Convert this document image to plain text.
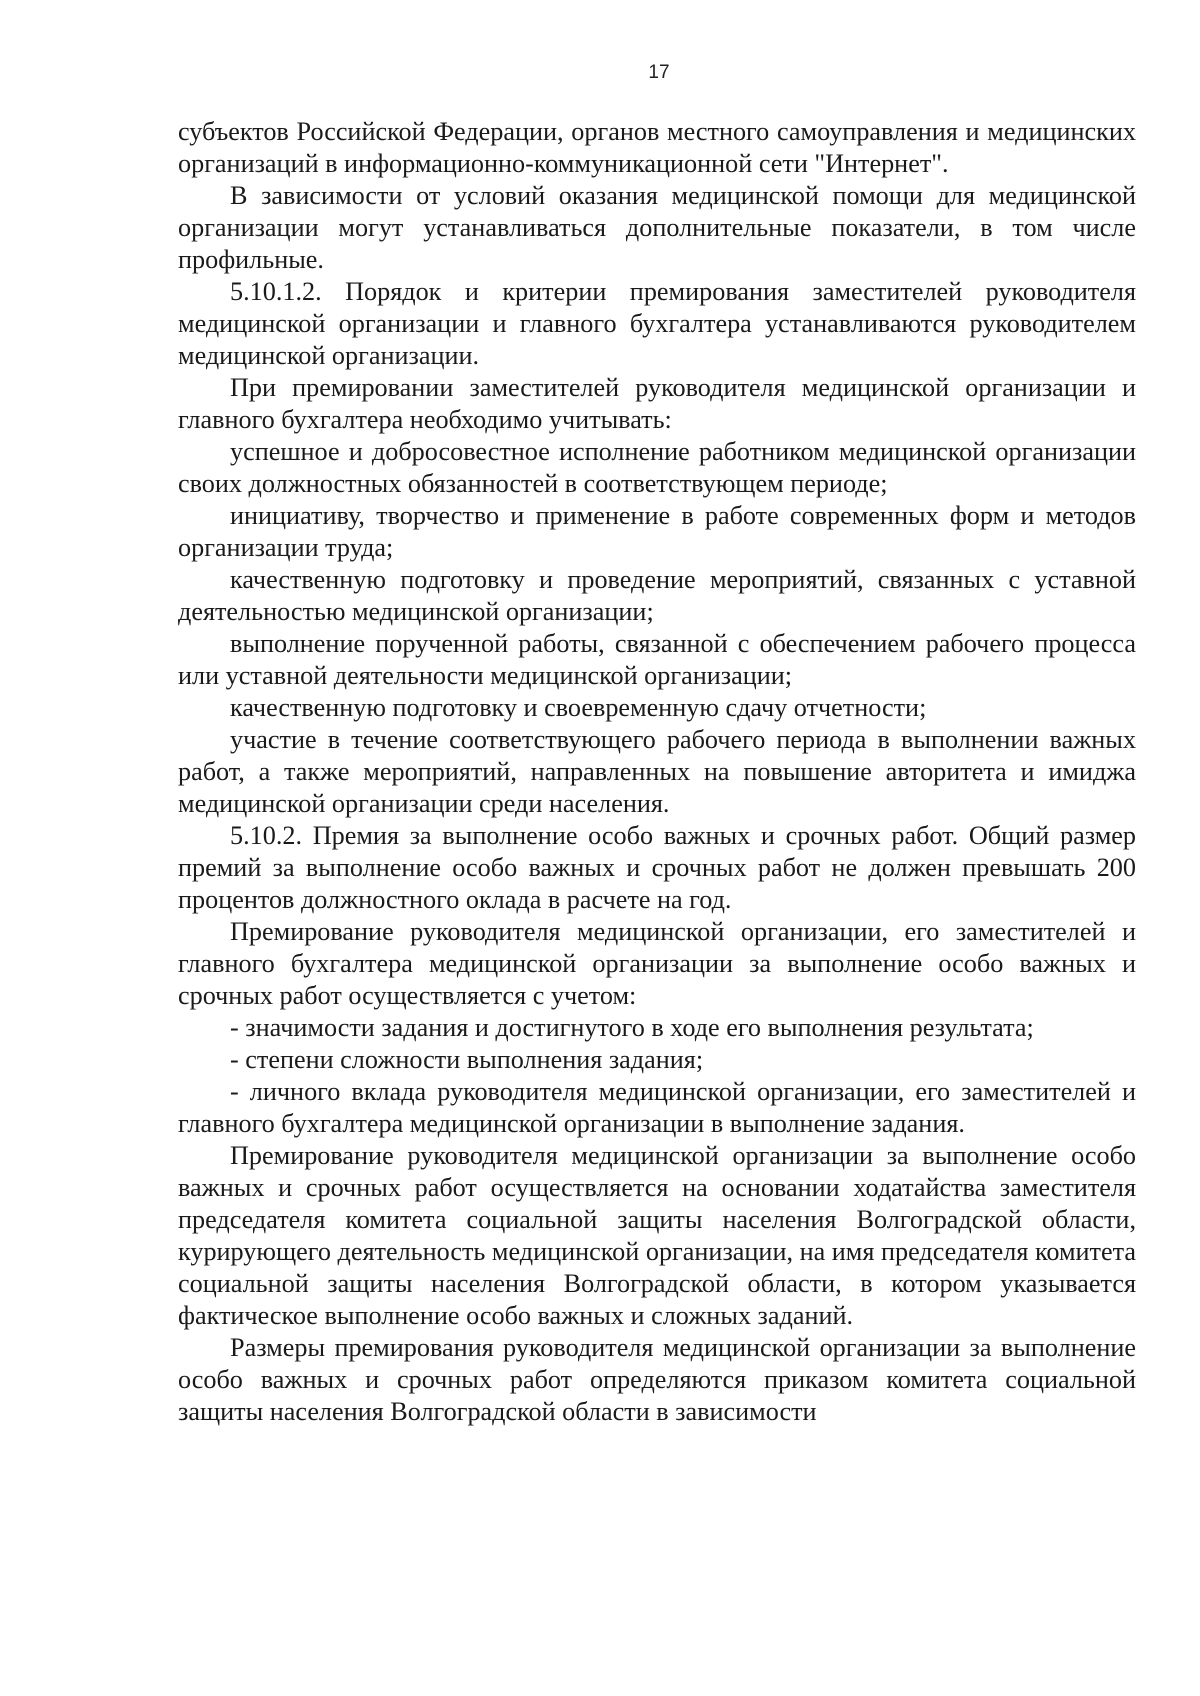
17

субъектов Российской Федерации, органов местного самоуправления и медицинских организаций в информационно-коммуникационной сети "Интернет".

В зависимости от условий оказания медицинской помощи для медицинской организации могут устанавливаться дополнительные показатели, в том числе профильные.

5.10.1.2. Порядок и критерии премирования заместителей руководителя медицинской организации и главного бухгалтера устанавливаются руководителем медицинской организации.

При премировании заместителей руководителя медицинской организации и главного бухгалтера необходимо учитывать:

успешное и добросовестное исполнение работником медицинской организации своих должностных обязанностей в соответствующем периоде;

инициативу, творчество и применение в работе современных форм и методов организации труда;

качественную подготовку и проведение мероприятий, связанных с уставной деятельностью медицинской организации;

выполнение порученной работы, связанной с обеспечением рабочего процесса или уставной деятельности медицинской организации;

качественную подготовку и своевременную сдачу отчетности;

участие в течение соответствующего рабочего периода в выполнении важных работ, а также мероприятий, направленных на повышение авторитета и имиджа медицинской организации среди населения.

5.10.2. Премия за выполнение особо важных и срочных работ. Общий размер премий за выполнение особо важных и срочных работ не должен превышать 200 процентов должностного оклада в расчете на год.

Премирование руководителя медицинской организации, его заместителей и главного бухгалтера медицинской организации за выполнение особо важных и срочных работ осуществляется с учетом:

- значимости задания и достигнутого в ходе его выполнения результата;

- степени сложности выполнения задания;

- личного вклада руководителя медицинской организации, его заместителей и главного бухгалтера медицинской организации в выполнение задания.

Премирование руководителя медицинской организации за выполнение особо важных и срочных работ осуществляется на основании ходатайства заместителя председателя комитета социальной защиты населения Волгоградской области, курирующего деятельность медицинской организации, на имя председателя комитета социальной защиты населения Волгоградской области, в котором указывается фактическое выполнение особо важных и сложных заданий.

Размеры премирования руководителя медицинской организации за выполнение особо важных и срочных работ определяются приказом комитета социальной защиты населения Волгоградской области в зависимости
